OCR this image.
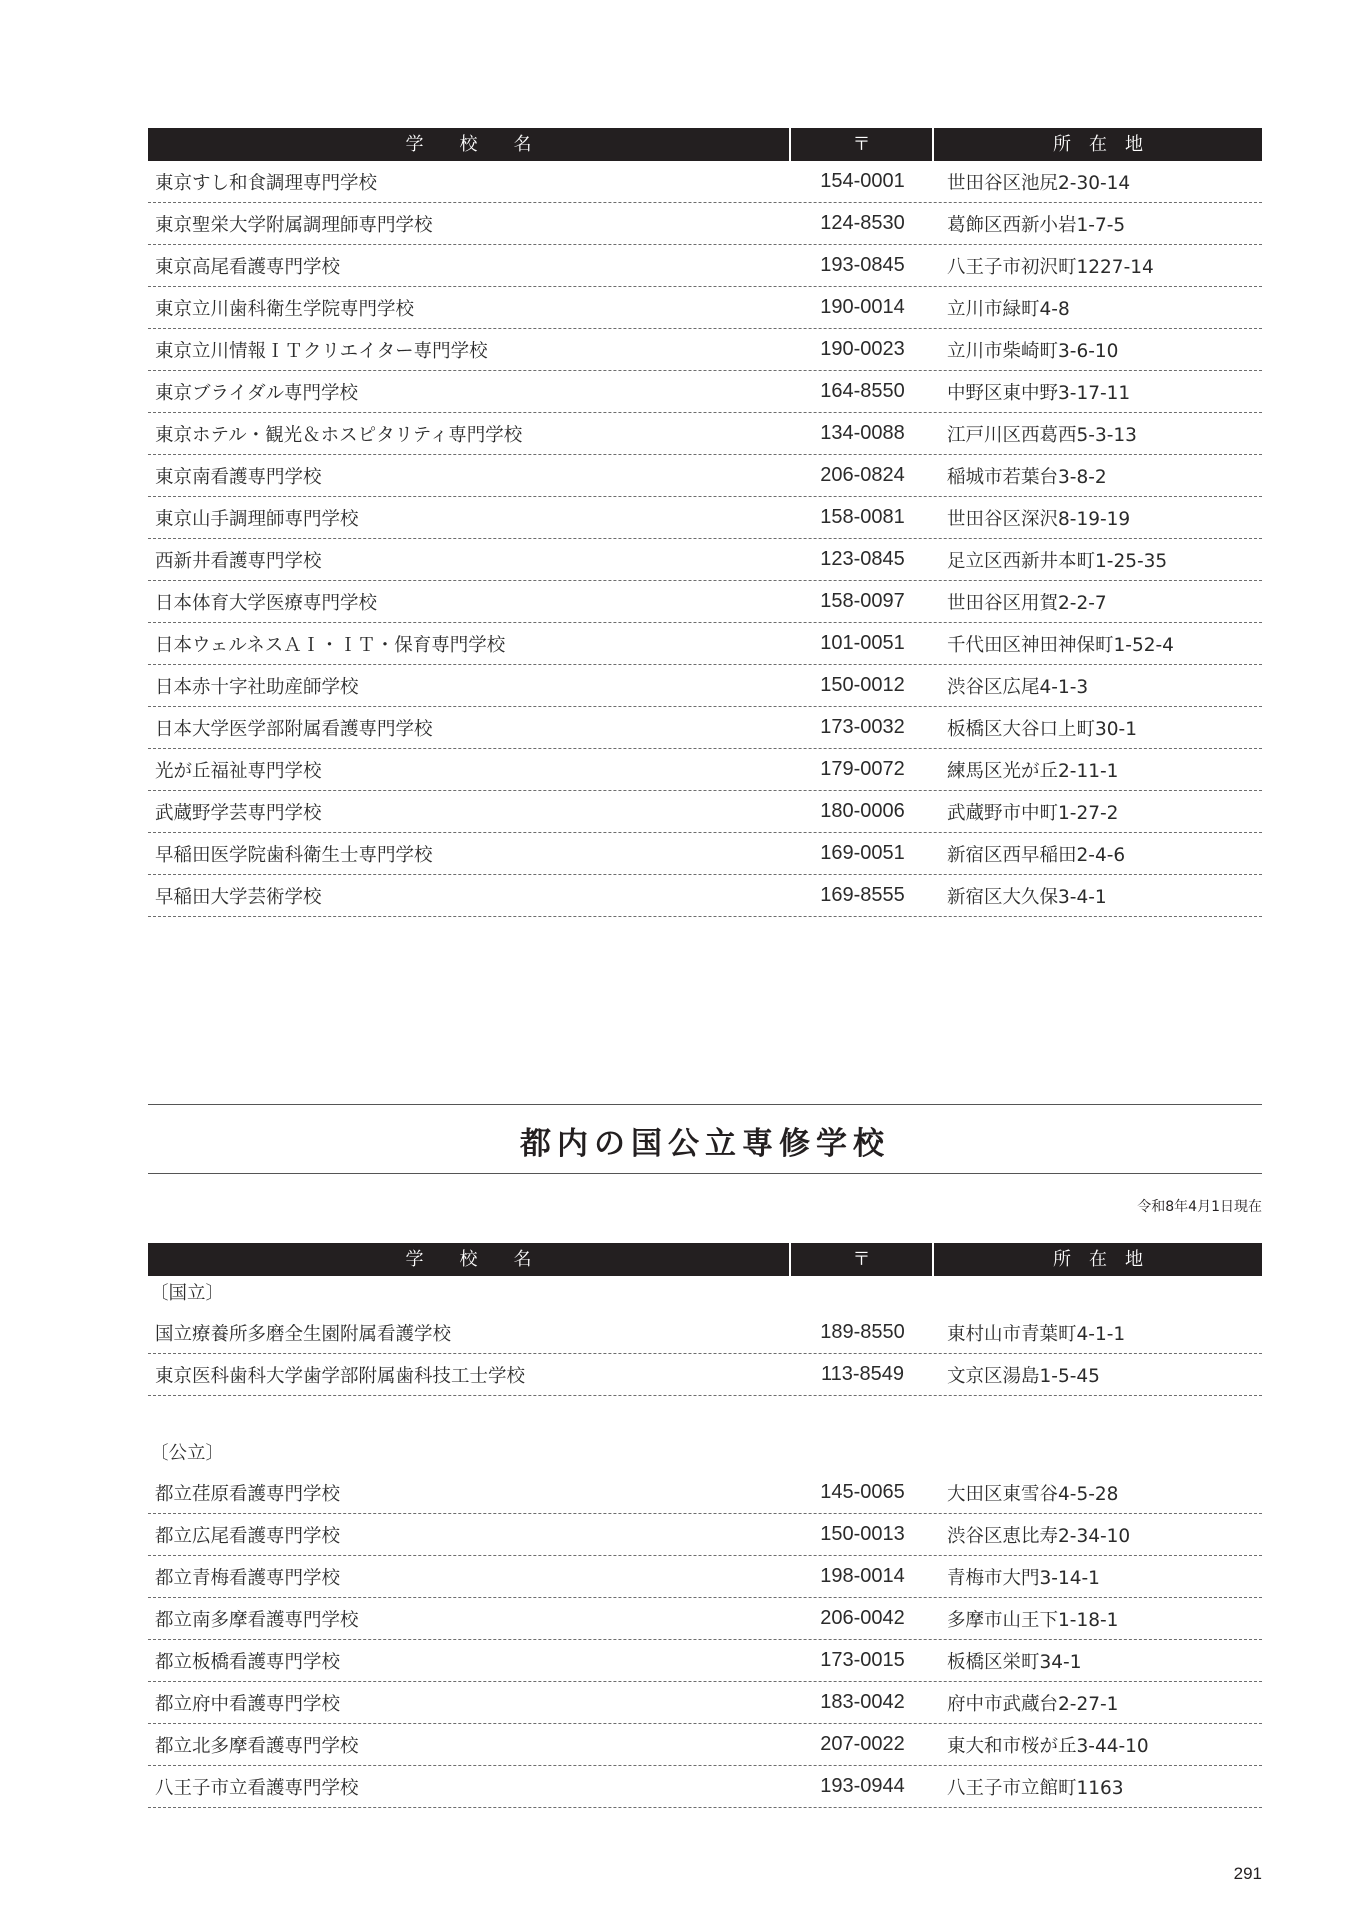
学　　校　　名	〒	所　在　地
東京すし和食調理専門学校	154-0001	世田谷区池尻2-30-14
東京聖栄大学附属調理師専門学校	124-8530	葛飾区西新小岩1-7-5
東京高尾看護専門学校	193-0845	八王子市初沢町1227-14
東京立川歯科衛生学院専門学校	190-0014	立川市緑町4-8
東京立川情報ＩＴクリエイター専門学校	190-0023	立川市柴崎町3-6-10
東京ブライダル専門学校	164-8550	中野区東中野3-17-11
東京ホテル・観光＆ホスピタリティ専門学校	134-0088	江戸川区西葛西5-3-13
東京南看護専門学校	206-0824	稲城市若葉台3-8-2
東京山手調理師専門学校	158-0081	世田谷区深沢8-19-19
西新井看護専門学校	123-0845	足立区西新井本町1-25-35
日本体育大学医療専門学校	158-0097	世田谷区用賀2-2-7
日本ウェルネスＡＩ・ＩＴ・保育専門学校	101-0051	千代田区神田神保町1-52-4
日本赤十字社助産師学校	150-0012	渋谷区広尾4-1-3
日本大学医学部附属看護専門学校	173-0032	板橋区大谷口上町30-1
光が丘福祉専門学校	179-0072	練馬区光が丘2-11-1
武蔵野学芸専門学校	180-0006	武蔵野市中町1-27-2
早稲田医学院歯科衛生士専門学校	169-0051	新宿区西早稲田2-4-6
早稲田大学芸術学校	169-8555	新宿区大久保3-4-1
都内の国公立専修学校
令和8年4月1日現在
学　　校　　名	〒	所　在　地
〔国立〕
国立療養所多磨全生園附属看護学校	189-8550	東村山市青葉町4-1-1
東京医科歯科大学歯学部附属歯科技工士学校	113-8549	文京区湯島1-5-45
〔公立〕
都立荏原看護専門学校	145-0065	大田区東雪谷4-5-28
都立広尾看護専門学校	150-0013	渋谷区恵比寿2-34-10
都立青梅看護専門学校	198-0014	青梅市大門3-14-1
都立南多摩看護専門学校	206-0042	多摩市山王下1-18-1
都立板橋看護専門学校	173-0015	板橋区栄町34-1
都立府中看護専門学校	183-0042	府中市武蔵台2-27-1
都立北多摩看護専門学校	207-0022	東大和市桜が丘3-44-10
八王子市立看護専門学校	193-0944	八王子市立館町1163
291
